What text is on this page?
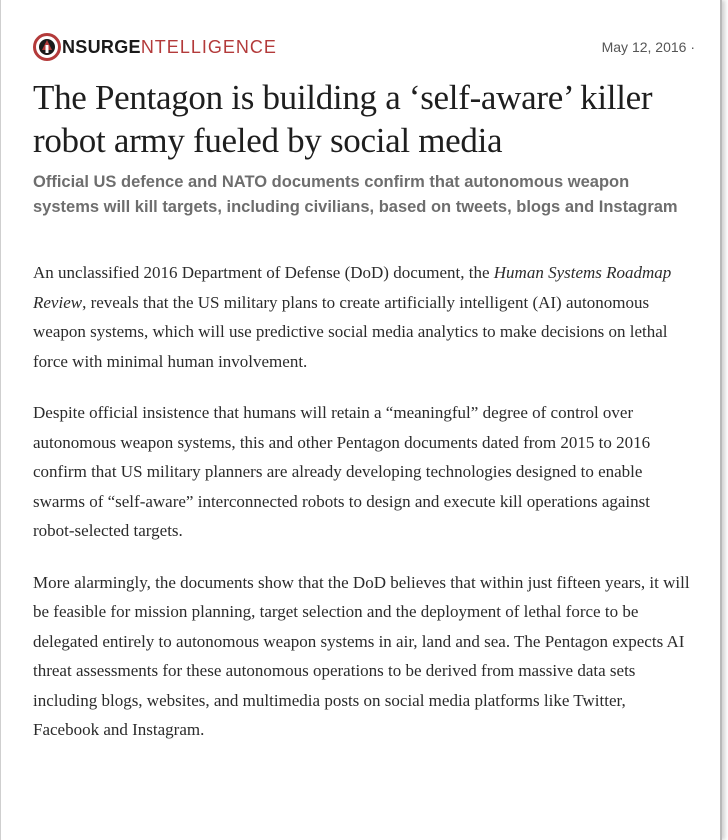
NSURGENTELLIGENCE	May 12, 2016 ·
The Pentagon is building a ‘self-aware’ killer robot army fueled by social media
Official US defence and NATO documents confirm that autonomous weapon systems will kill targets, including civilians, based on tweets, blogs and Instagram

An unclassified 2016 Department of Defense (DoD) document, the Human Systems Roadmap Review, reveals that the US military plans to create artificially intelligent (AI) autonomous weapon systems, which will use predictive social media analytics to make decisions on lethal force with minimal human involvement.

Despite official insistence that humans will retain a “meaningful” degree of control over autonomous weapon systems, this and other Pentagon documents dated from 2015 to 2016 confirm that US military planners are already developing technologies designed to enable swarms of “self-aware” interconnected robots to design and execute kill operations against robot-selected targets.

More alarmingly, the documents show that the DoD believes that within just fifteen years, it will be feasible for mission planning, target selection and the deployment of lethal force to be delegated entirely to autonomous weapon systems in air, land and sea. The Pentagon expects AI threat assessments for these autonomous operations to be derived from massive data sets including blogs, websites, and multimedia posts on social media platforms like Twitter, Facebook and Instagram.
